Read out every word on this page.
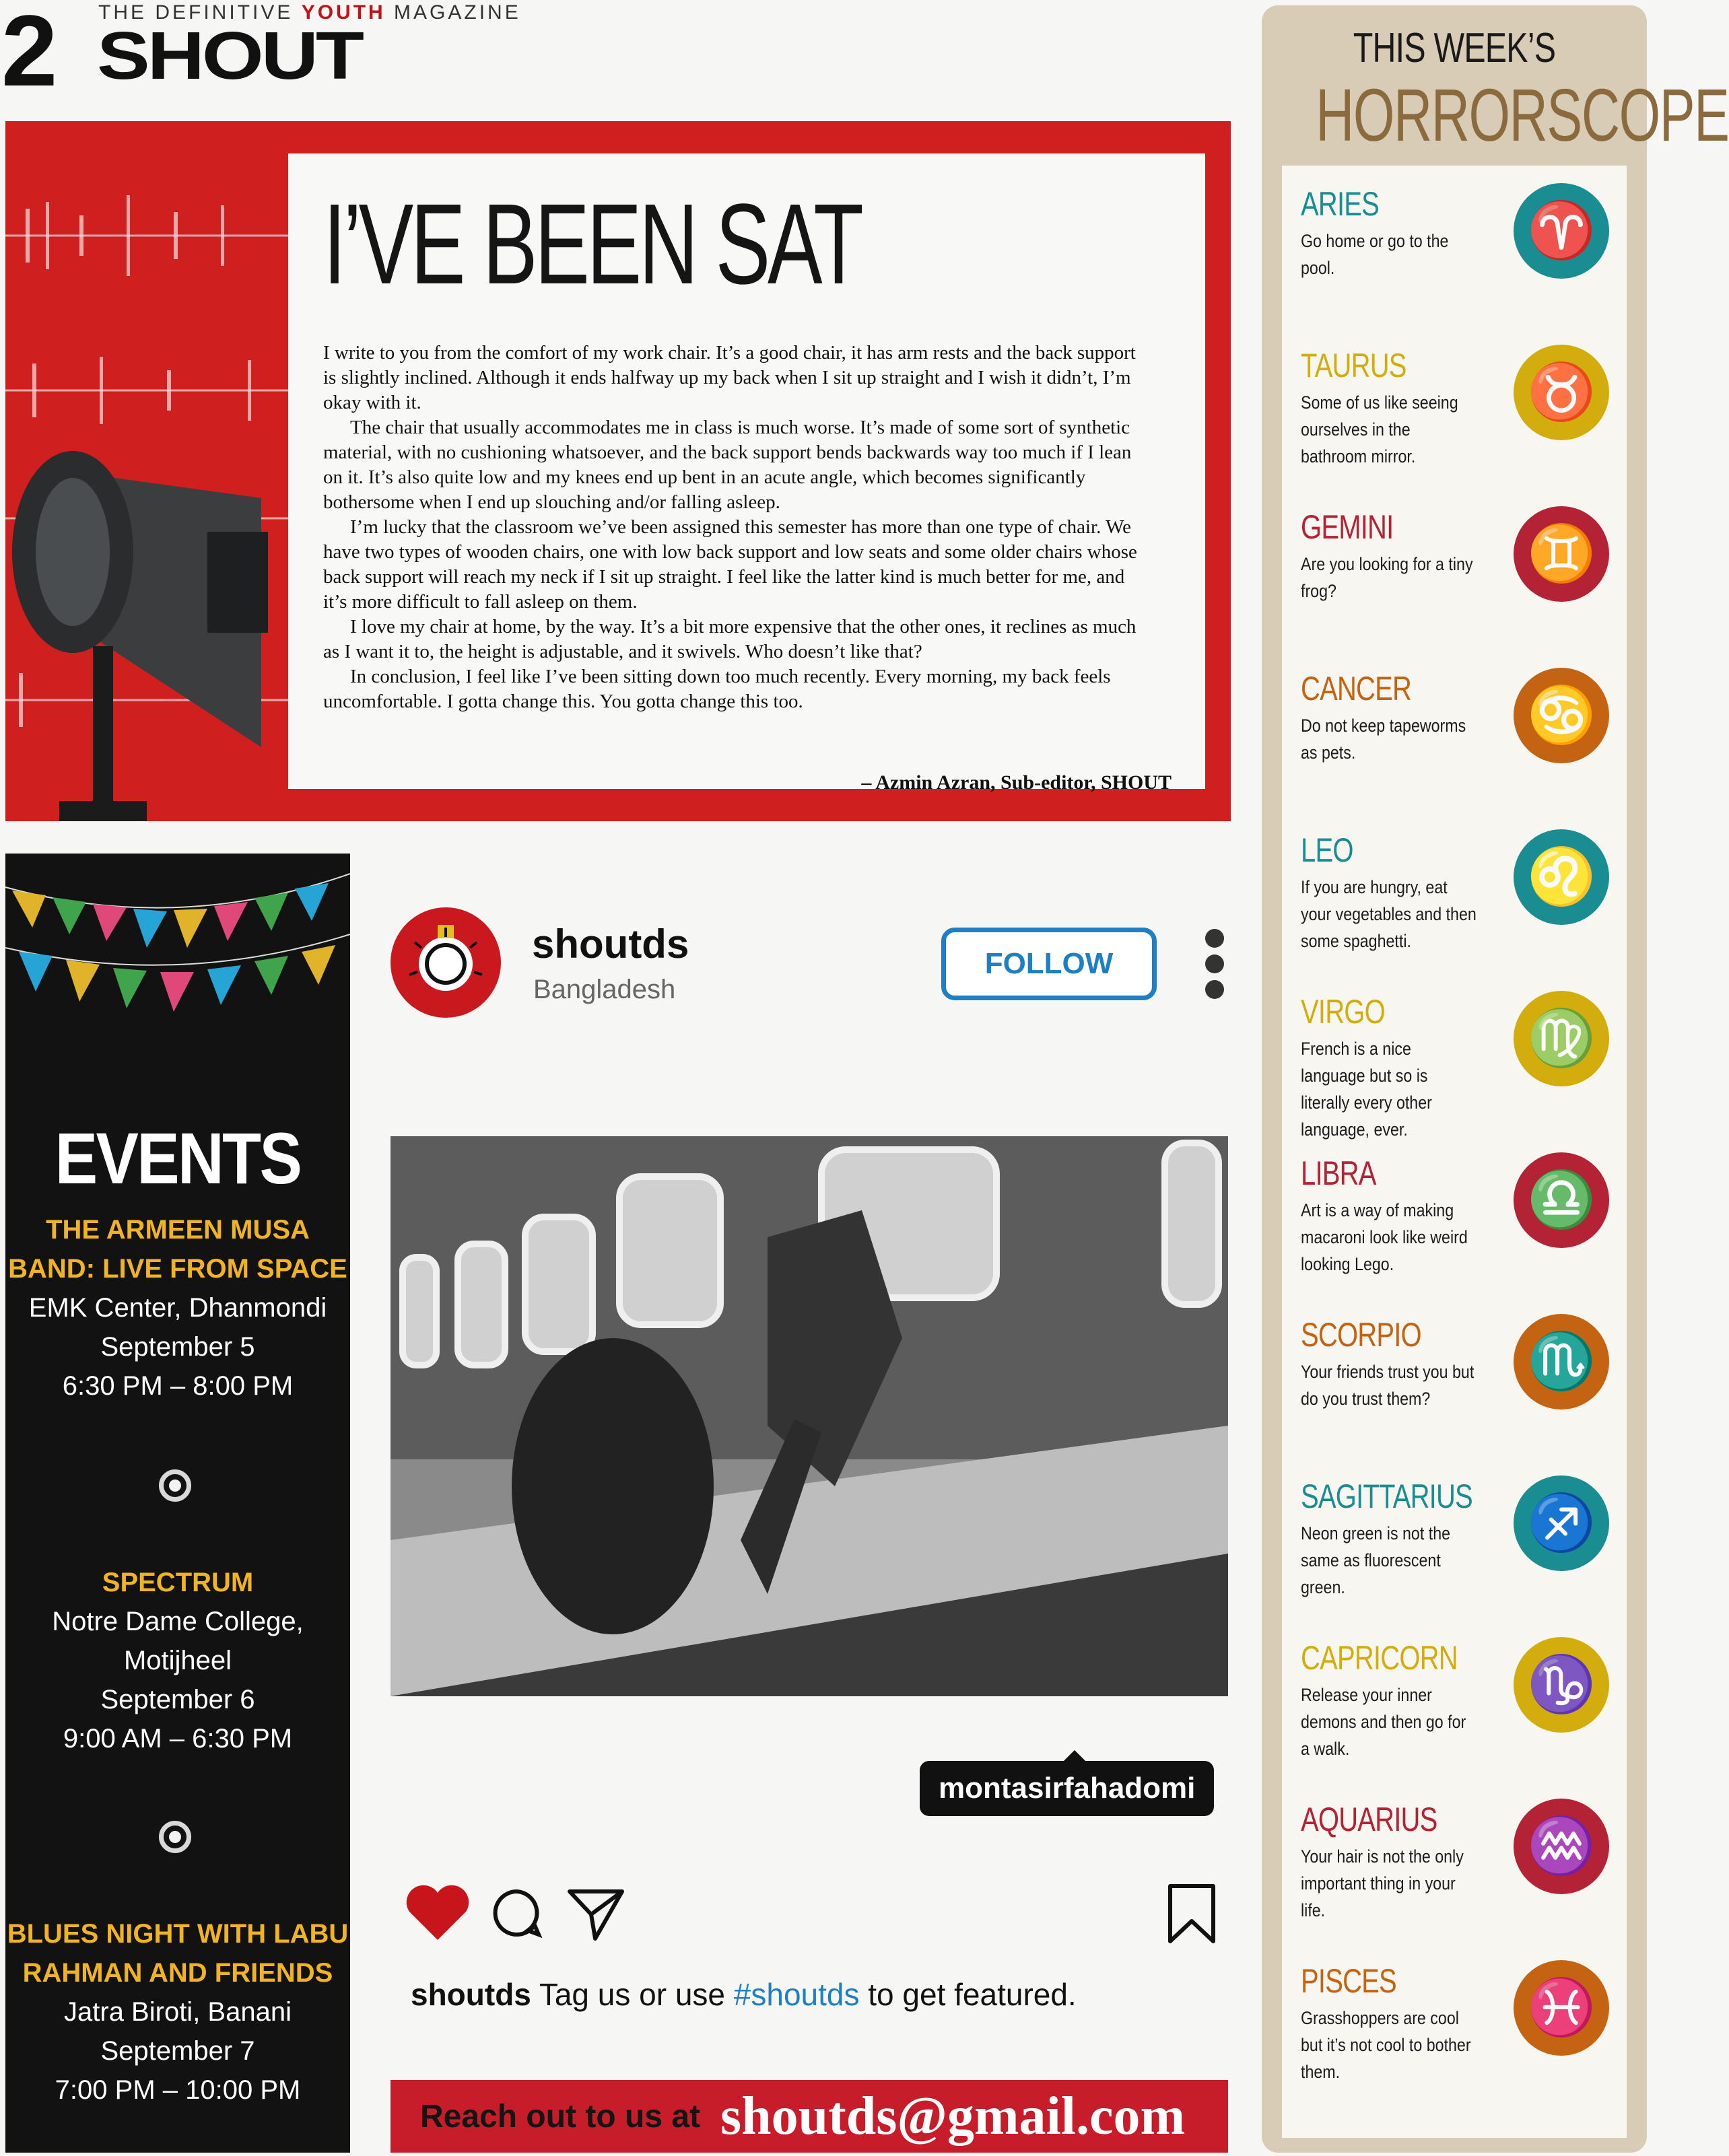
2 THE DEFINITIVE YOUTH MAGAZINE
SHOUT
I’VE BEEN SAT

I write to you from the comfort of my work chair. It’s a good chair, it has arm rests and the back support is slightly inclined. Although it ends halfway up my back when I sit up straight and I wish it didn’t, I’m okay with it.

The chair that usually accommodates me in class is much worse. It’s made of some sort of synthetic material, with no cushioning whatsoever, and the back support bends backwards way too much if I lean on it. It’s also quite low and my knees end up bent in an acute angle, which becomes significantly bothersome when I end up slouching and/or falling asleep.

I’m lucky that the classroom we’ve been assigned this semester has more than one type of chair. We have two types of wooden chairs, one with low back support and low seats and some older chairs whose back support will reach my neck if I sit up straight. I feel like the latter kind is much better for me, and it’s more difficult to fall asleep on them.

I love my chair at home, by the way. It’s a bit more expensive that the other ones, it reclines as much as I want it to, the height is adjustable, and it swivels. Who doesn’t like that?

In conclusion, I feel like I’ve been sitting down too much recently. Every morning, my back feels uncomfortable. I gotta change this. You gotta change this too.

– Azmin Azran, Sub-editor, SHOUT
EVENTS
THE ARMEEN MUSA
BAND: LIVE FROM SPACE
EMK Center, Dhanmondi
September 5
6:30 PM – 8:00 PM
SPECTRUM
Notre Dame College,
Motijheel
September 6
9:00 AM – 6:30 PM
BLUES NIGHT WITH LABU
RAHMAN AND FRIENDS
Jatra Biroti, Banani
September 7
7:00 PM – 10:00 PM
shoutds
Bangladesh
FOLLOW
montasirfahadomi
shoutds Tag us or use #shoutds to get featured.
Reach out to us at shoutds@gmail.com
THIS WEEK’S
HORRORSCOPE
ARIES
Go home or go to the pool.
♈
TAURUS
Some of us like seeing ourselves in the bathroom mirror.
♉
GEMINI
Are you looking for a tiny frog?
♊
CANCER
Do not keep tapeworms as pets.
♋
LEO
If you are hungry, eat your vegetables and then some spaghetti.
♌
VIRGO
French is a nice language but so is literally every other language, ever.
♍
LIBRA
Art is a way of making macaroni look like weird looking Lego.
♎
SCORPIO
Your friends trust you but do you trust them?
♏
SAGITTARIUS
Neon green is not the same as fluorescent green.
♐
CAPRICORN
Release your inner demons and then go for a walk.
♑
AQUARIUS
Your hair is not the only important thing in your life.
♒
PISCES
Grasshoppers are cool but it’s not cool to bother them.
♓
